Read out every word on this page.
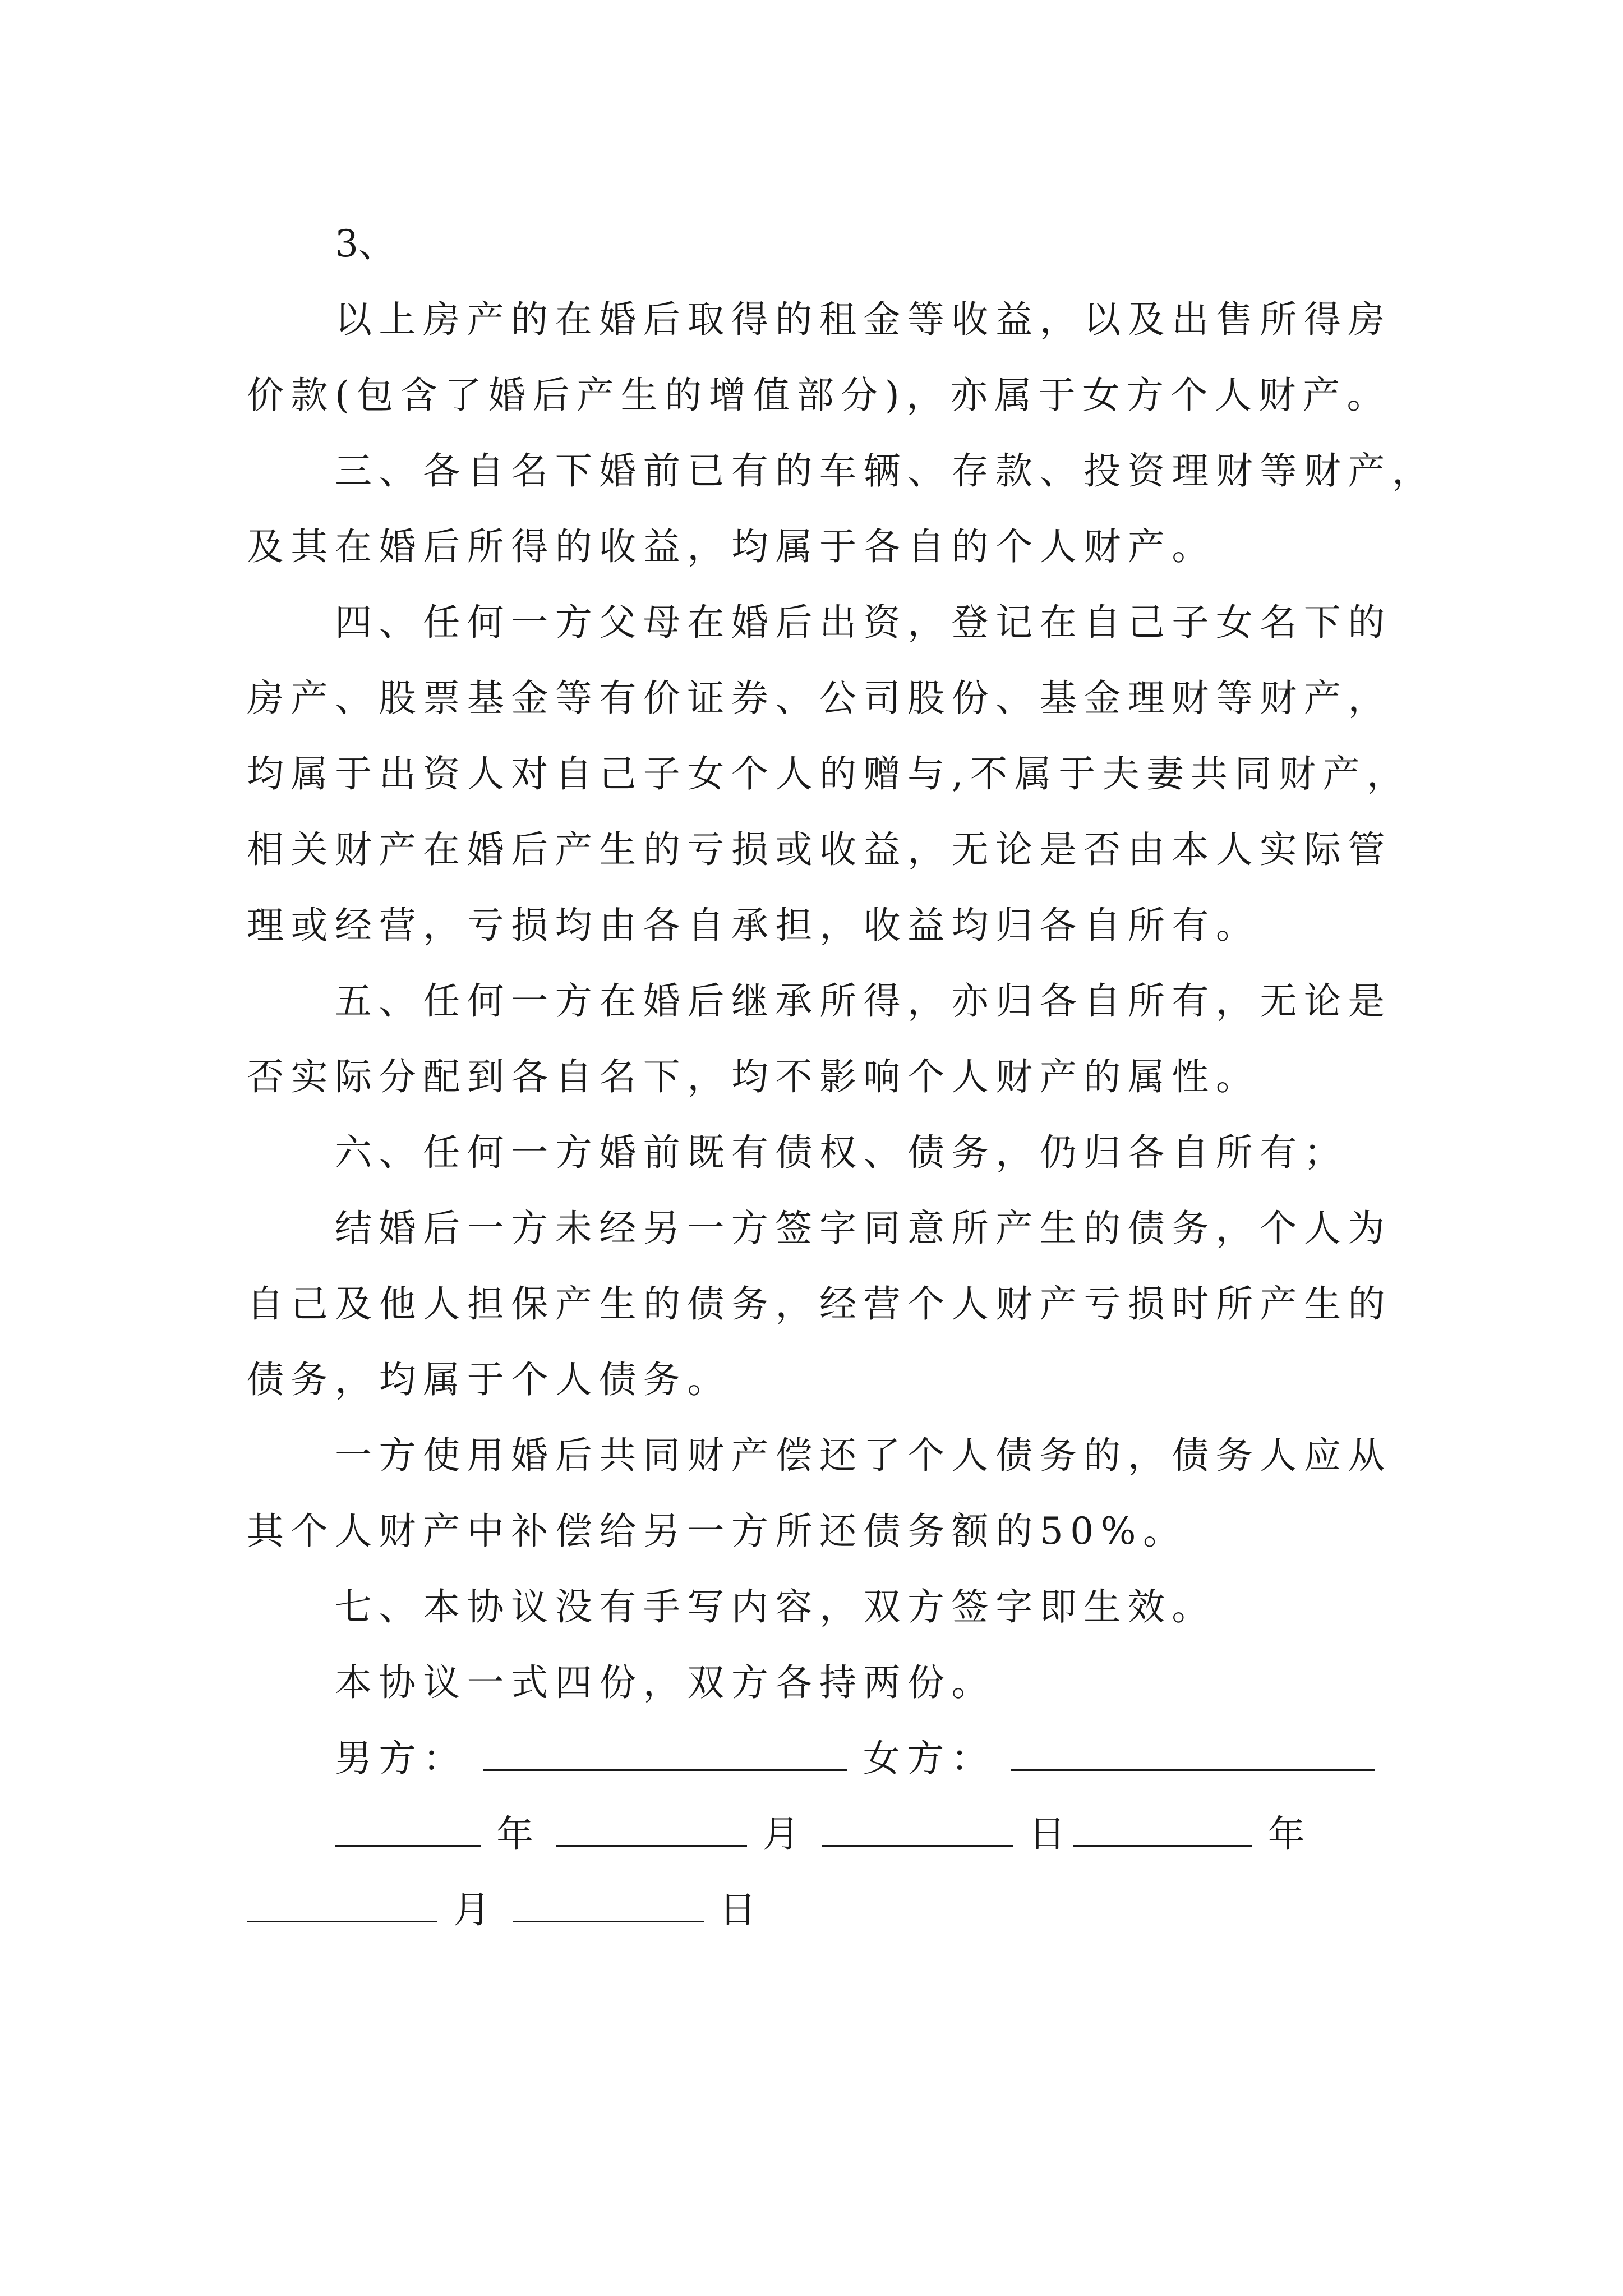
3、
以上房产的在婚后取得的租金等收益，以及出售所得房
价款(包含了婚后产生的增值部分)，亦属于女方个人财产。
三、各自名下婚前已有的车辆、存款、投资理财等财产，
及其在婚后所得的收益，均属于各自的个人财产。
四、任何一方父母在婚后出资，登记在自己子女名下的
房产、股票基金等有价证券、公司股份、基金理财等财产，
均属于出资人对自己子女个人的赠与,不属于夫妻共同财产，
相关财产在婚后产生的亏损或收益，无论是否由本人实际管
理或经营，亏损均由各自承担，收益均归各自所有。
五、任何一方在婚后继承所得，亦归各自所有，无论是
否实际分配到各自名下，均不影响个人财产的属性。
六、任何一方婚前既有债权、债务，仍归各自所有；
结婚后一方未经另一方签字同意所产生的债务，个人为
自己及他人担保产生的债务，经营个人财产亏损时所产生的
债务，均属于个人债务。
一方使用婚后共同财产偿还了个人债务的，债务人应从
其个人财产中补偿给另一方所还债务额的50%。
七、本协议没有手写内容，双方签字即生效。
本协议一式四份，双方各持两份。
男方：	女方：
年	月	日	年
月	日
